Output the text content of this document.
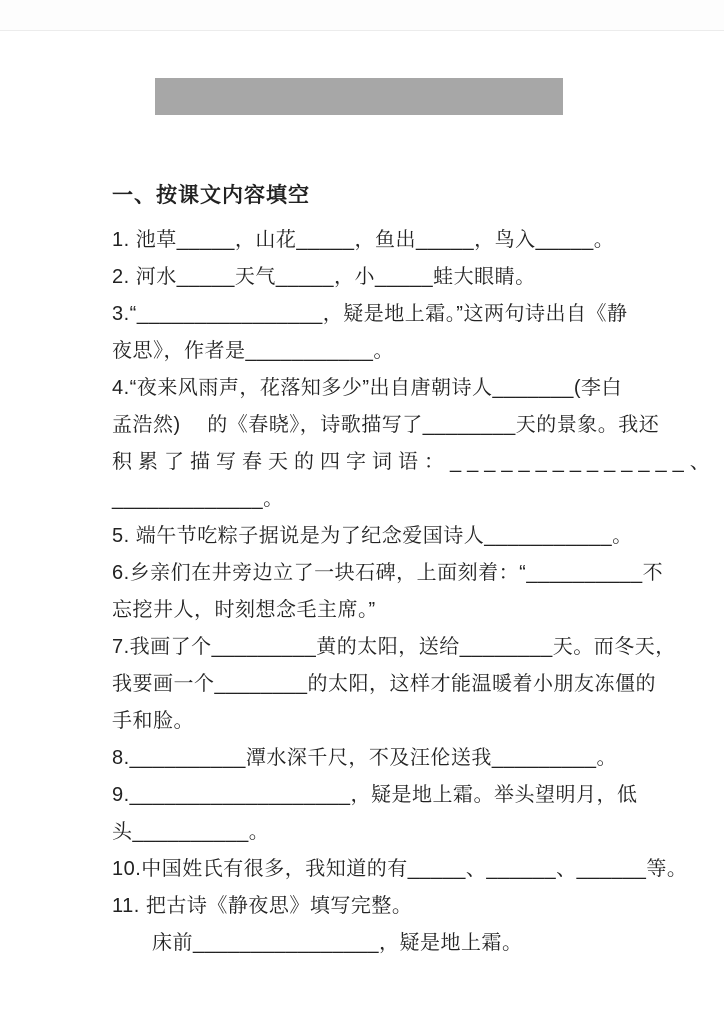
一、按课文内容填空
1. 池草_____，山花_____，鱼出_____，鸟入_____。
2. 河水_____天气_____，小_____蛙大眼睛。
3.“________________，疑是地上霜。”这两句诗出自《静
夜思》，作者是___________。
4.“夜来风雨声，花落知多少”出自唐朝诗人_______(李白
孟浩然)　 的《春晓》，诗歌描写了________天的景象。我还
积累了描写春天的四字词语：______________、
_____________。
5. 端午节吃粽子据说是为了纪念爱国诗人___________。
6.乡亲们在井旁边立了一块石碑，上面刻着：“__________不
忘挖井人，时刻想念毛主席。”
7.我画了个_________黄的太阳，送给________天。而冬天，
我要画一个________的太阳，这样才能温暖着小朋友冻僵的
手和脸。
8.__________潭水深千尺，不及汪伦送我_________。
9.___________________，疑是地上霜。举头望明月，低
头__________。
10.中国姓氏有很多，我知道的有_____、______、______等。
11. 把古诗《静夜思》填写完整。
床前________________，疑是地上霜。
